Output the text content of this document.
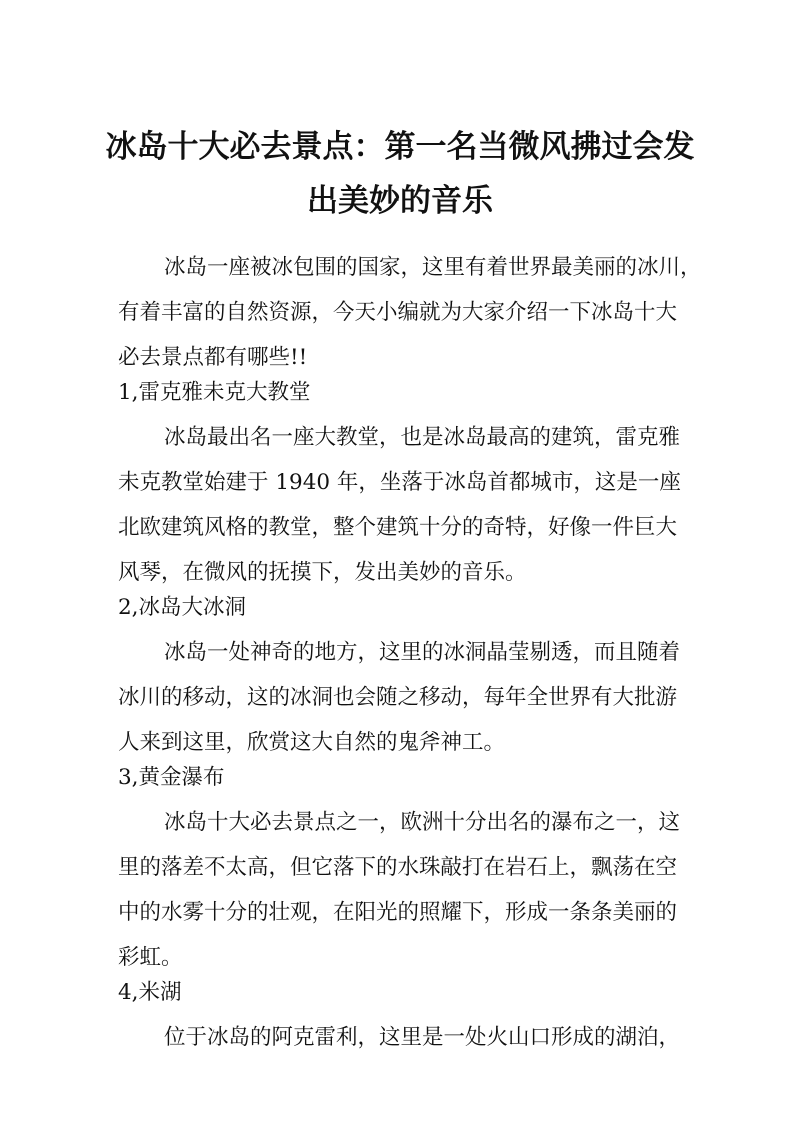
冰岛十大必去景点：第一名当微风拂过会发
出美妙的音乐
冰岛一座被冰包围的国家，这里有着世界最美丽的冰川，
有着丰富的自然资源，今天小编就为大家介绍一下冰岛十大
必去景点都有哪些!!
1,雷克雅未克大教堂
冰岛最出名一座大教堂，也是冰岛最高的建筑，雷克雅
未克教堂始建于 1940 年，坐落于冰岛首都城市，这是一座
北欧建筑风格的教堂，整个建筑十分的奇特，好像一件巨大
风琴，在微风的抚摸下，发出美妙的音乐。
2,冰岛大冰洞
冰岛一处神奇的地方，这里的冰洞晶莹剔透，而且随着
冰川的移动，这的冰洞也会随之移动，每年全世界有大批游
人来到这里，欣赏这大自然的鬼斧神工。
3,黄金瀑布
冰岛十大必去景点之一，欧洲十分出名的瀑布之一，这
里的落差不太高，但它落下的水珠敲打在岩石上，飘荡在空
中的水雾十分的壮观，在阳光的照耀下，形成一条条美丽的
彩虹。
4,米湖
位于冰岛的阿克雷利，这里是一处火山口形成的湖泊，
